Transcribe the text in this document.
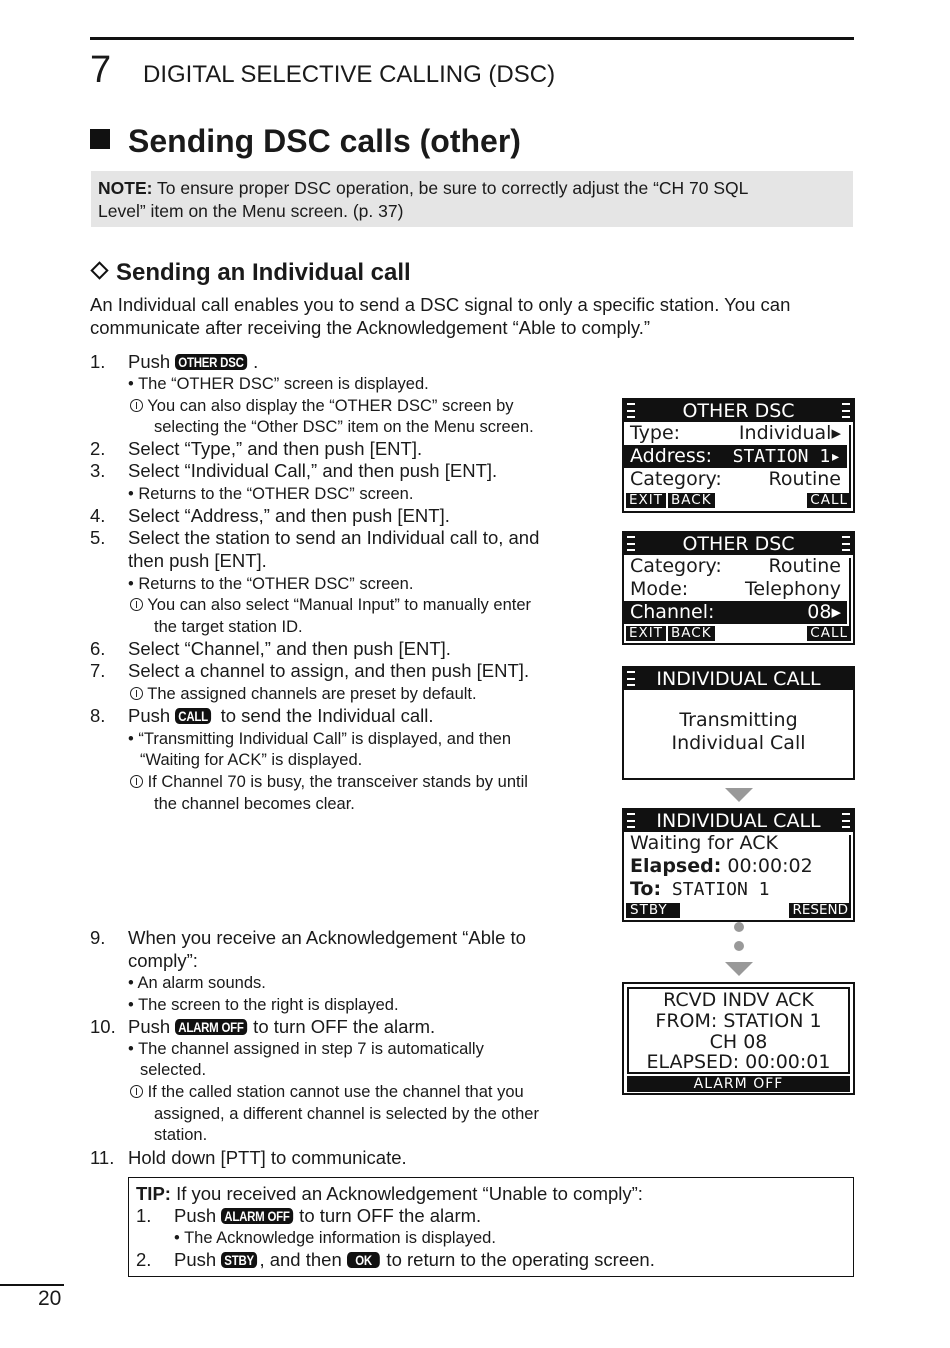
7 DIGITAL SELECTIVE CALLING (DSC)
Sending DSC calls (other)
NOTE: To ensure proper DSC operation, be sure to correctly adjust the “CH 70 SQL
Level” item on the Menu screen. (p. 37)
Sending an Individual call
An Individual call enables you to send a DSC signal to only a specific station. You can
communicate after receiving the Acknowledgement “Able to comply.”
1. Push OTHER DSC .
• The “OTHER DSC” screen is displayed.
You can also display the “OTHER DSC” screen by
selecting the “Other DSC” item on the Menu screen.
2. Select “Type,” and then push [ENT].
3. Select “Individual Call,” and then push [ENT].
• Returns to the “OTHER DSC” screen.
4. Select “Address,” and then push [ENT].
5. Select the station to send an Individual call to, and
then push [ENT].
• Returns to the “OTHER DSC” screen.
You can also select “Manual Input” to manually enter
the target station ID.
6. Select “Channel,” and then push [ENT].
7. Select a channel to assign, and then push [ENT].
The assigned channels are preset by default.
8. Push CALL to send the Individual call.
• “Transmitting Individual Call” is displayed, and then
“Waiting for ACK” is displayed.
If Channel 70 is busy, the transceiver stands by until
the channel becomes clear.
9. When you receive an Acknowledgement “Able to
comply”:
• An alarm sounds.
• The screen to the right is displayed.
10. Push ALARM OFF to turn OFF the alarm.
• The channel assigned in step 7 is automatically
selected.
If the called station cannot use the channel that you
assigned, a different channel is selected by the other
station.
11. Hold down [PTT] to communicate.
OTHER DSC
Type:	Individual▸
Address: STATION 1▸
Category: Routine
EXIT BACK	CALL
OTHER DSC
Category: Routine
Mode:	Telephony
Channel:	08▸
EXIT BACK	CALL
INDIVIDUAL CALL
Transmitting
Individual Call
INDIVIDUAL CALL
Waiting for ACK
Elapsed: 00:00:02
To: STATION 1
STBY	RESEND
RCVD INDV ACK
FROM: STATION 1
CH 08
ELAPSED: 00:00:01
ALARM OFF
TIP: If you received an Acknowledgement “Unable to comply”:
1. Push ALARM OFF to turn OFF the alarm.
• The Acknowledge information is displayed.
2. Push STBY , and then OK to return to the operating screen.
20
